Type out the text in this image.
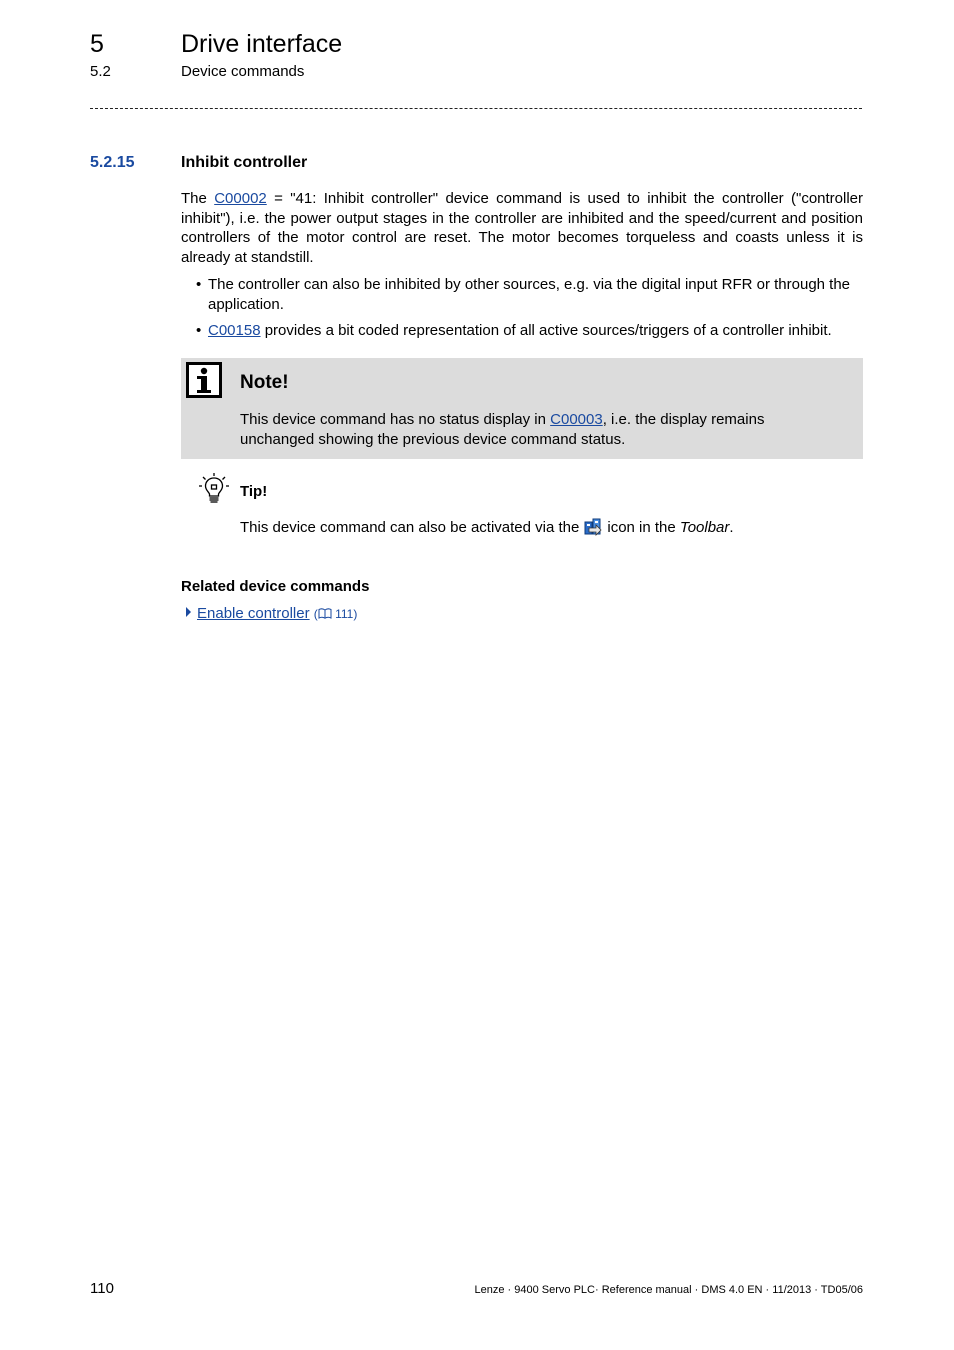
5	Drive interface
5.2	Device commands
5.2.15	Inhibit controller
The C00002 = "41: Inhibit controller" device command is used to inhibit the controller ("controller inhibit"), i.e. the power output stages in the controller are inhibited and the speed/current and position controllers of the motor control are reset. The motor becomes torqueless and coasts unless it is already at standstill.
• The controller can also be inhibited by other sources, e.g. via the digital input RFR or through the application.
• C00158 provides a bit coded representation of all active sources/triggers of a controller inhibit.
Note!
This device command has no status display in C00003, i.e. the display remains unchanged showing the previous device command status.
Tip!
This device command can also be activated via the icon in the Toolbar.
Related device commands
Enable controller ( 111)
110	Lenze · 9400 Servo PLC· Reference manual · DMS 4.0 EN · 11/2013 · TD05/06
